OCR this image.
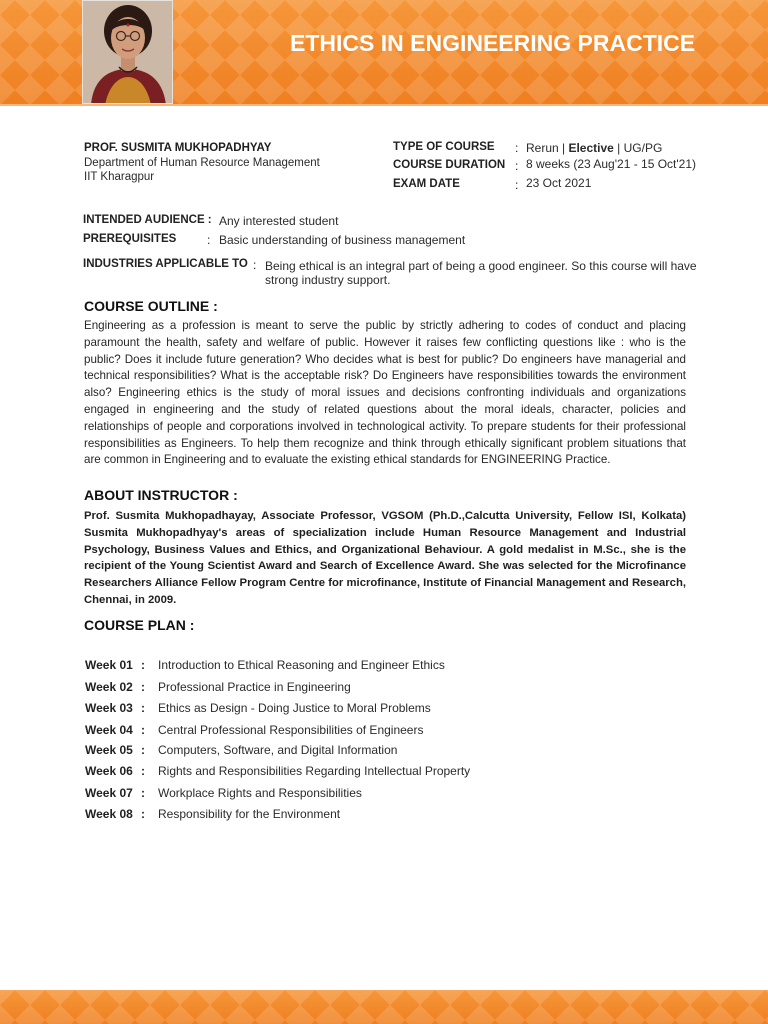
ETHICS IN ENGINEERING PRACTICE
PROF. SUSMITA MUKHOPADHYAY
Department of Human Resource Management
IIT Kharagpur
TYPE OF COURSE : Rerun | Elective | UG/PG
COURSE DURATION : 8 weeks (23 Aug'21 - 15 Oct'21)
EXAM DATE	: 23 Oct 2021
INTENDED AUDIENCE : Any interested student
PREREQUISITES	: Basic understanding of business management
INDUSTRIES APPLICABLE TO : Being ethical is an integral part of being a good engineer. So this course will have
strong industry support.
COURSE OUTLINE :

Engineering as a profession is meant to serve the public by strictly adhering to codes of conduct and placing paramount the health, safety and welfare of public. However it raises few conflicting questions like : who is the public? Does it include future generation? Who decides what is best for public? Do engineers have managerial and technical responsibilities? What is the acceptable risk? Do Engineers have responsibilities towards the environment also? Engineering ethics is the study of moral issues and decisions confronting individuals and organizations engaged in engineering and the study of related questions about the moral ideals, character, policies and relationships of people and corporations involved in technological activity. To prepare students for their professional responsibilities as Engineers. To help them recognize and think through ethically significant problem situations that are common in Engineering and to evaluate the existing ethical standards for ENGINEERING Practice.

ABOUT INSTRUCTOR :

Prof. Susmita Mukhopadhayay, Associate Professor, VGSOM (Ph.D.,Calcutta University, Fellow ISI, Kolkata) Susmita Mukhopadhyay's areas of specialization include Human Resource Management and Industrial Psychology, Business Values and Ethics, and Organizational Behaviour. A gold medalist in M.Sc., she is the recipient of the Young Scientist Award and Search of Excellence Award. She was selected for the Microfinance Researchers Alliance Fellow Program Centre for microfinance, Institute of Financial Management and Research, Chennai, in 2009.

COURSE PLAN :
Week 01 : Introduction to Ethical Reasoning and Engineer Ethics
Week 02 : Professional Practice in Engineering
Week 03 : Ethics as Design - Doing Justice to Moral Problems
Week 04 : Central Professional Responsibilities of Engineers
Week 05 : Computers, Software, and Digital Information
Week 06 : Rights and Responsibilities Regarding Intellectual Property
Week 07 : Workplace Rights and Responsibilities
Week 08 : Responsibility for the Environment
